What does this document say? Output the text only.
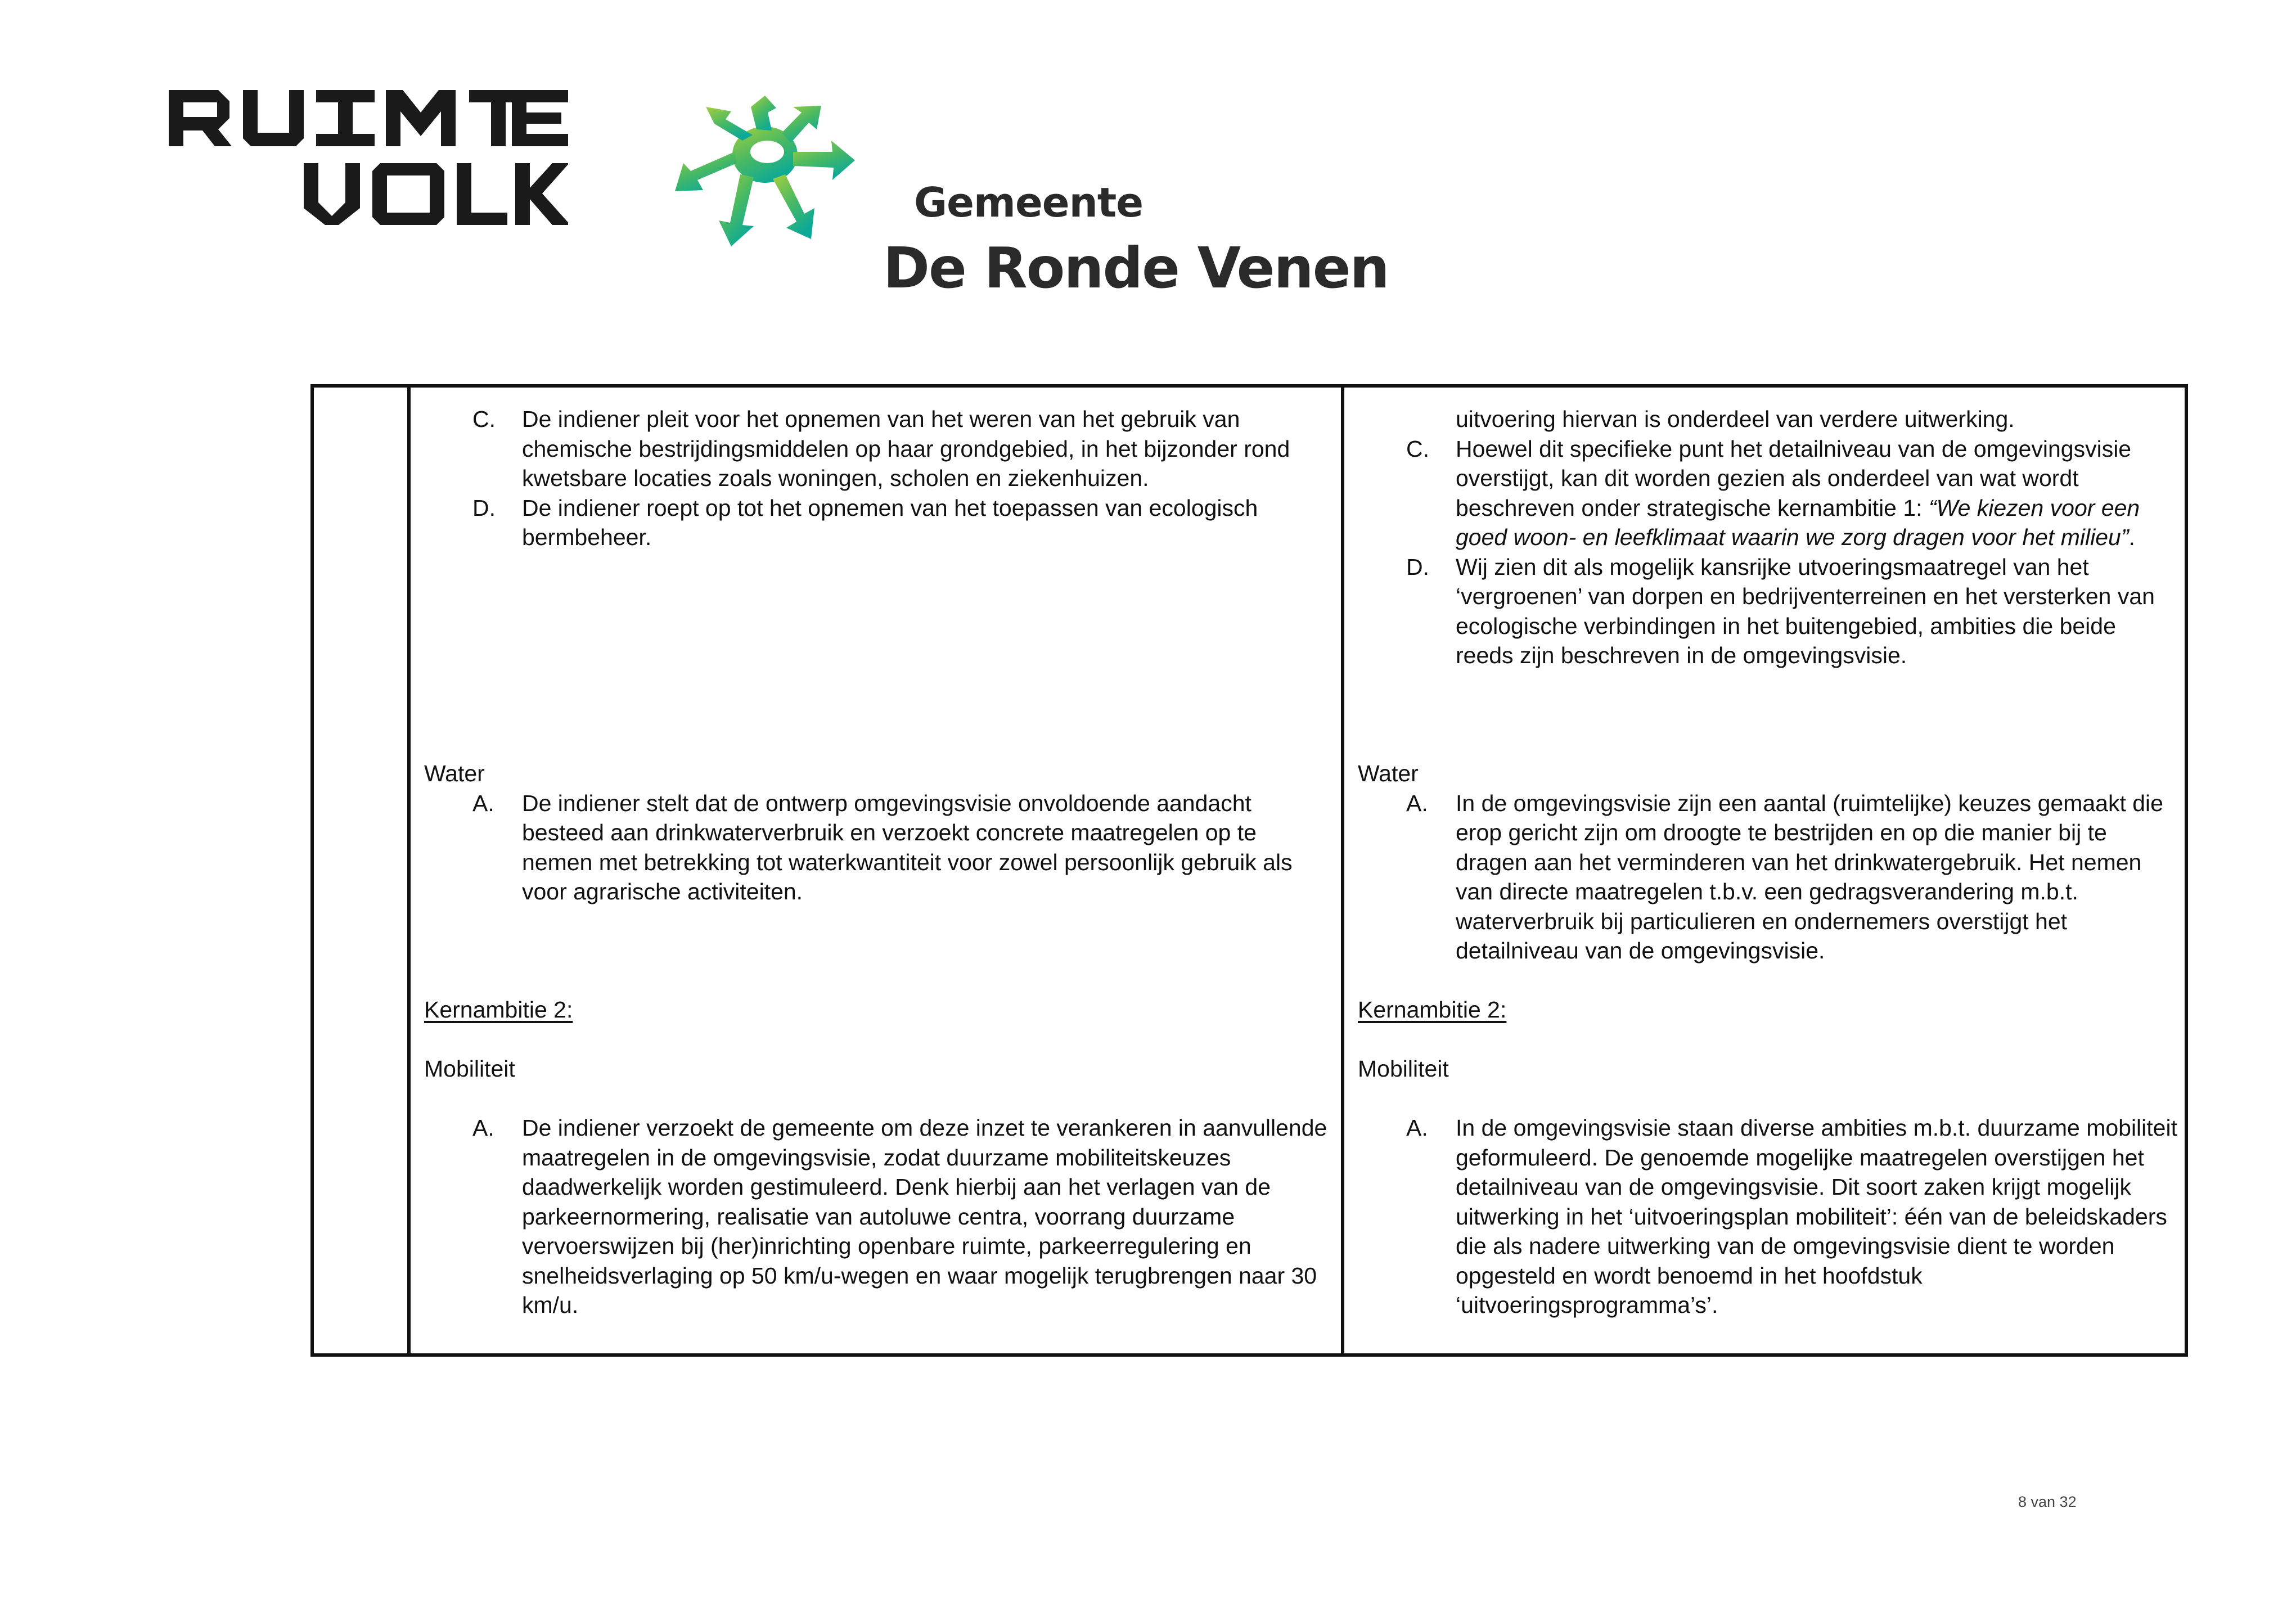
Gemeente
De Ronde Venen
C. De indiener pleit voor het opnemen van het weren van het gebruik van chemische bestrijdingsmiddelen op haar grondgebied, in het bijzonder rond kwetsbare locaties zoals woningen, scholen en ziekenhuizen.
D. De indiener roept op tot het opnemen van het toepassen van ecologisch bermbeheer.
Water
A. De indiener stelt dat de ontwerp omgevingsvisie onvoldoende aandacht besteed aan drinkwaterverbruik en verzoekt concrete maatregelen op te nemen met betrekking tot waterkwantiteit voor zowel persoonlijk gebruik als voor agrarische activiteiten.
Kernambitie 2:
Mobiliteit
A. De indiener verzoekt de gemeente om deze inzet te verankeren in aanvullende maatregelen in de omgevingsvisie, zodat duurzame mobiliteitskeuzes daadwerkelijk worden gestimuleerd. Denk hierbij aan het verlagen van de parkeernormering, realisatie van autoluwe centra, voorrang duurzame vervoerswijzen bij (her)inrichting openbare ruimte, parkeerregulering en snelheidsverlaging op 50 km/u-wegen en waar mogelijk terugbrengen naar 30 km/u.
uitvoering hiervan is onderdeel van verdere uitwerking.
C. Hoewel dit specifieke punt het detailniveau van de omgevingsvisie overstijgt, kan dit worden gezien als onderdeel van wat wordt beschreven onder strategische kernambitie 1: “We kiezen voor een goed woon- en leefklimaat waarin we zorg dragen voor het milieu”.
D. Wij zien dit als mogelijk kansrijke utvoeringsmaatregel van het ‘vergroenen’ van dorpen en bedrijventerreinen en het versterken van ecologische verbindingen in het buitengebied, ambities die beide reeds zijn beschreven in de omgevingsvisie.
Water
A. In de omgevingsvisie zijn een aantal (ruimtelijke) keuzes gemaakt die erop gericht zijn om droogte te bestrijden en op die manier bij te dragen aan het verminderen van het drinkwatergebruik. Het nemen van directe maatregelen t.b.v. een gedragsverandering m.b.t. waterverbruik bij particulieren en ondernemers overstijgt het detailniveau van de omgevingsvisie.
Kernambitie 2:
Mobiliteit
A. In de omgevingsvisie staan diverse ambities m.b.t. duurzame mobiliteit geformuleerd. De genoemde mogelijke maatregelen overstijgen het detailniveau van de omgevingsvisie. Dit soort zaken krijgt mogelijk uitwerking in het ‘uitvoeringsplan mobiliteit’: één van de beleidskaders die als nadere uitwerking van de omgevingsvisie dient te worden opgesteld en wordt benoemd in het hoofdstuk ‘uitvoeringsprogramma’s’.
8 van 32
